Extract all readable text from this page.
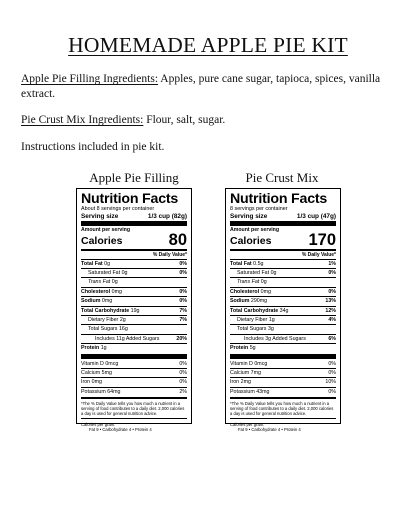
HOMEMADE APPLE PIE KIT
Apple Pie Filling Ingredients: Apples, pure cane sugar, tapioca, spices, vanilla extract.
Pie Crust Mix Ingredients: Flour, salt, sugar.
Instructions included in pie kit.
Apple Pie Filling	Pie Crust Mix
Nutrition Facts
About 8 servings per container
Serving size	1/3 cup (82g)
Amount per serving
Calories	80
% Daily Value*
Total Fat 0g	0%
Saturated Fat 0g	0%
Trans Fat 0g
Cholesterol 0mg	0%
Sodium 0mg	0%
Total Carbohydrate 19g	7%
Dietary Fiber 2g	7%
Total Sugars 16g
Includes 11g Added Sugars	20%
Protein 1g
Vitamin D 0mcg	0%
Calcium 5mg	0%
Iron 0mg	0%
Potassium 64mg	2%
*The % Daily Value tells you how much a nutrient in a serving of food contributes to a daily diet. 2,000 calories a day is used for general nutrition advice.
Calories per gram:
Fat 9 • Carbohydrate 4 • Protein 4
Nutrition Facts
8 servings per container
Serving size	1/3 cup (47g)
Amount per serving
Calories 170
% Daily Value*
Total Fat 0.5g	1%
Saturated Fat 0g	0%
Trans Fat 0g
Cholesterol 0mg	0%
Sodium 290mg	13%
Total Carbohydrate 34g	12%
Dietary Fiber 1g	4%
Total Sugars 3g
Includes 3g Added Sugars	6%
Protein 5g
Vitamin D 0mcg	0%
Calcium 7mg	0%
Iron 2mg	10%
Potassium 43mg	0%
*The % Daily Value tells you how much a nutrient in a serving of food contributes to a daily diet. 2,000 calories a day is used for general nutrition advice.
Calories per gram:
Fat 9 • Carbohydrate 4 • Protein 4
